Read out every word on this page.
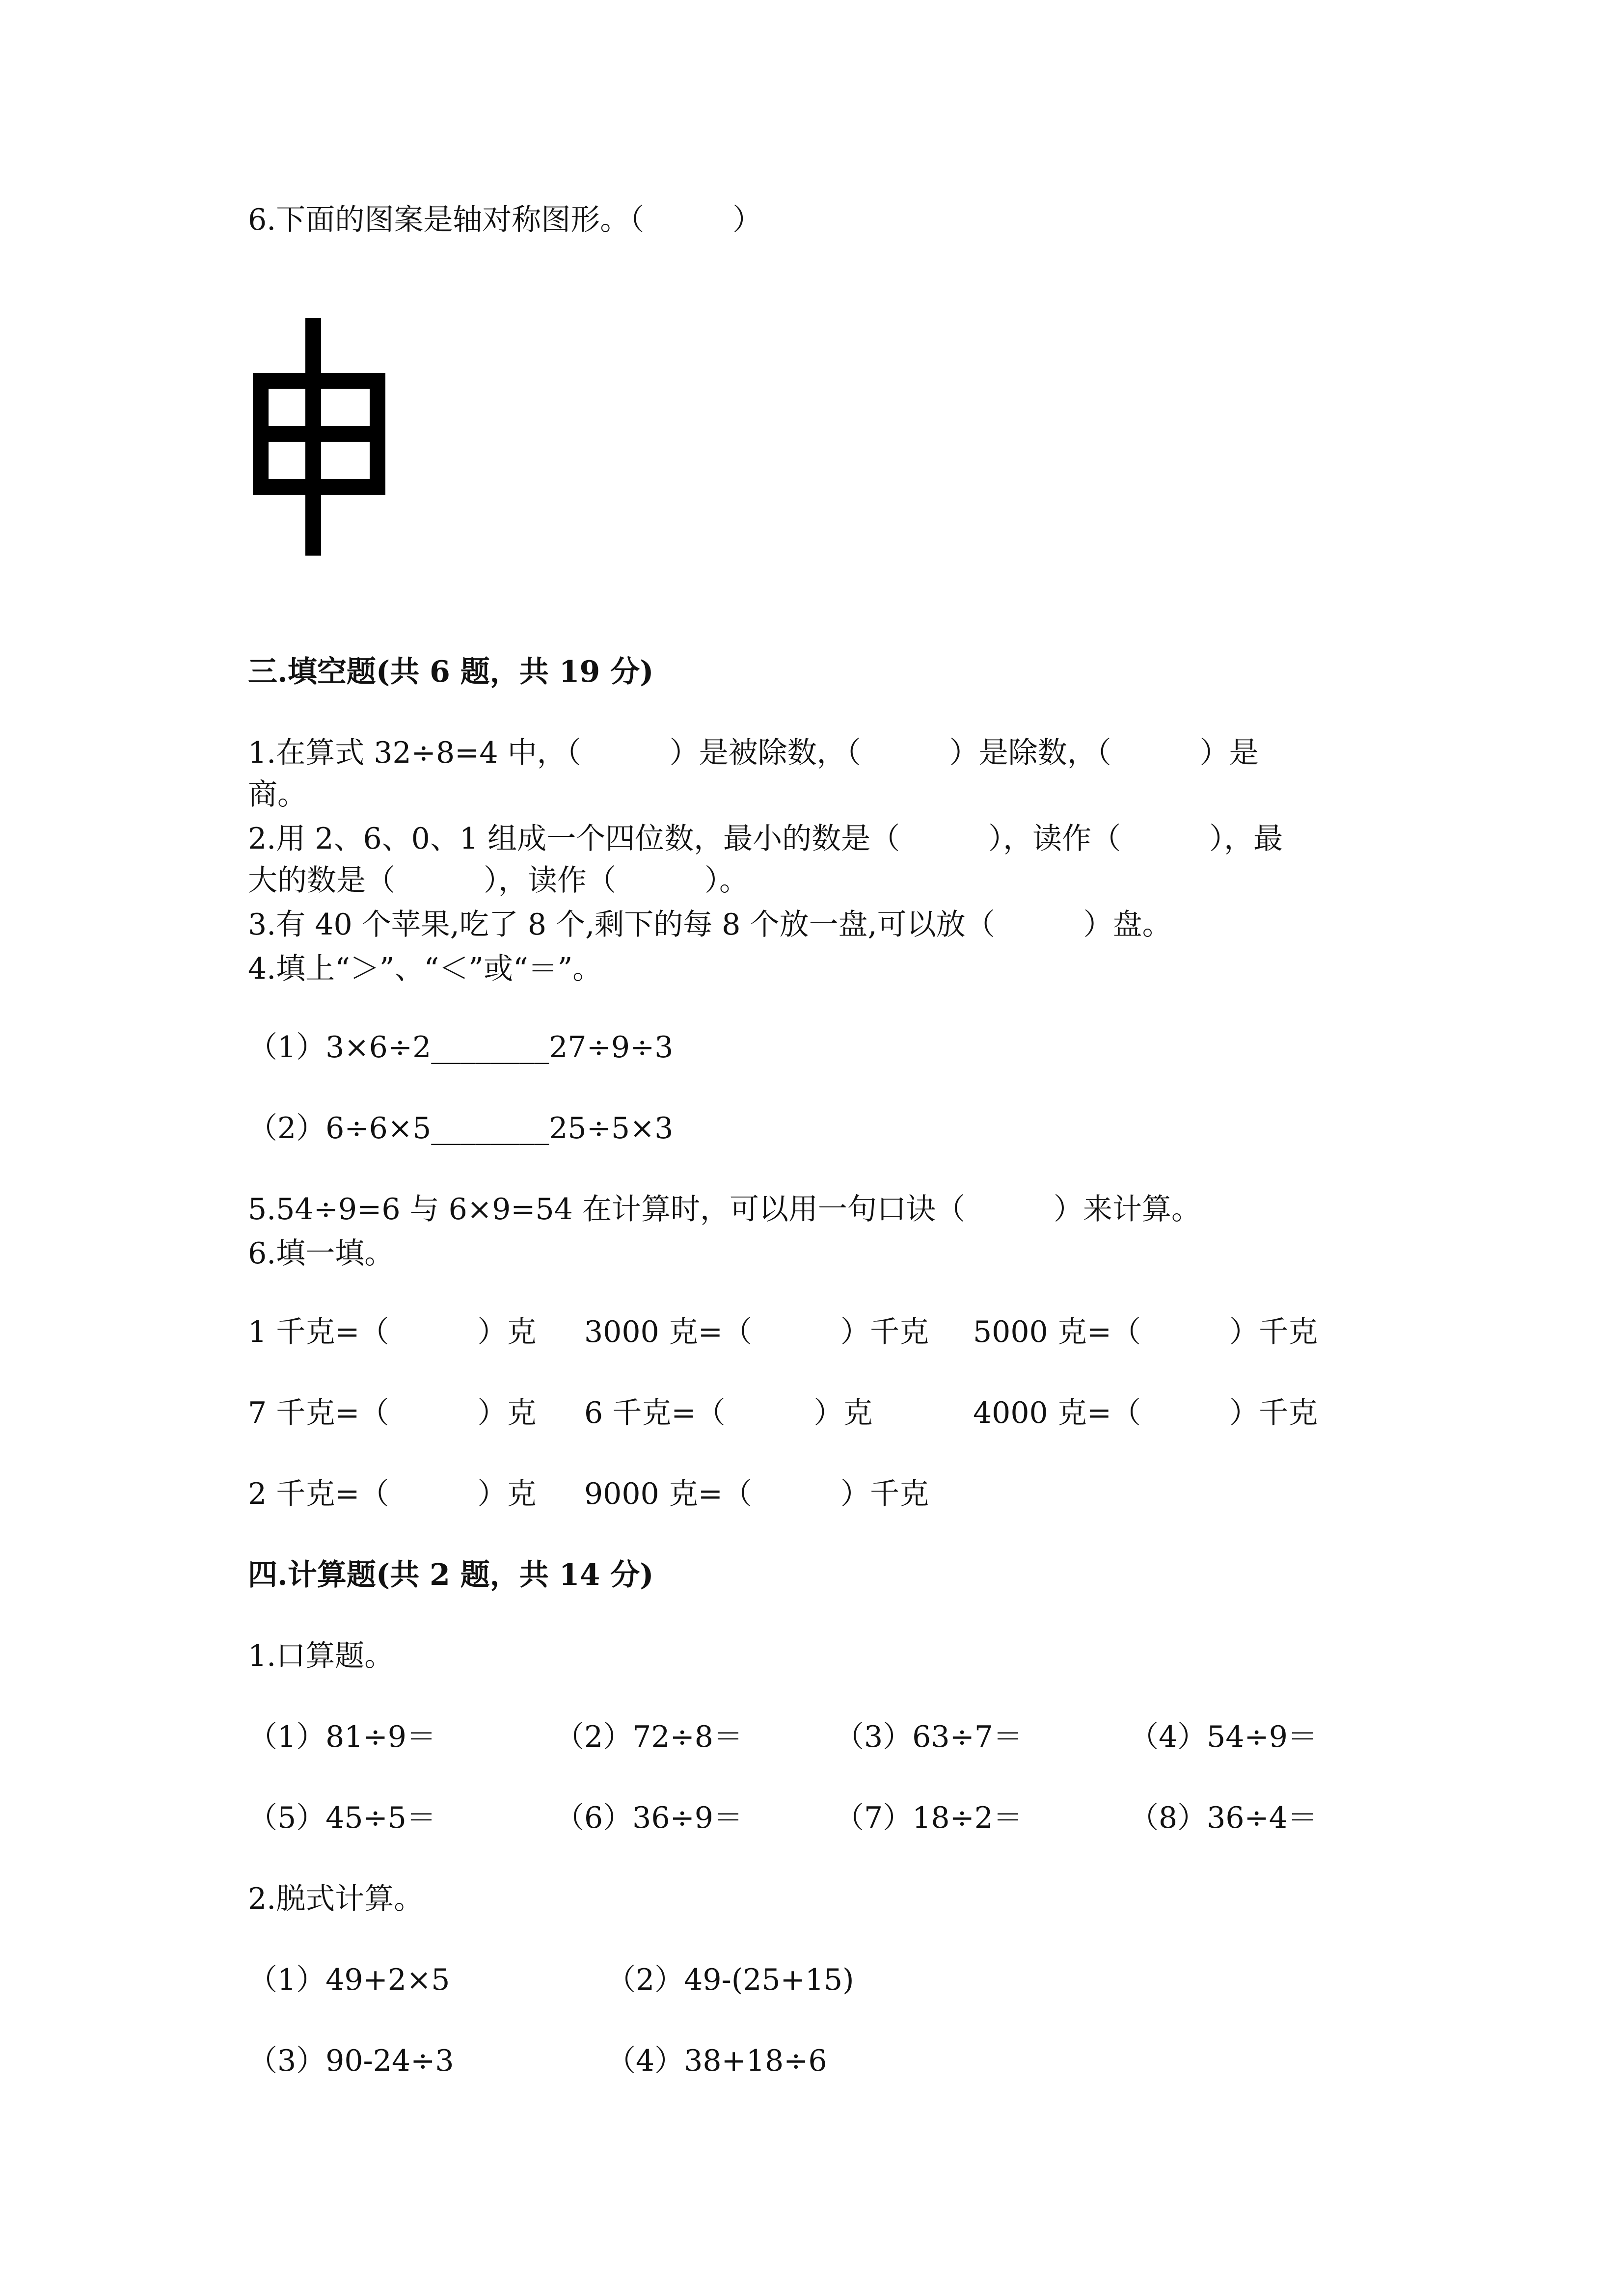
6.下面的图案是轴对称图形。（　　　）

三.填空题(共 6 题，共 19 分)

1.在算式 32÷8=4 中，（　　　）是被除数，（　　　）是除数，（　　　）是

商。

2.用 2、6、0、1 组成一个四位数，最小的数是（　　　），读作（　　　），最

大的数是（　　　），读作（　　　）。

3.有 40 个苹果,吃了 8 个,剩下的每 8 个放一盘,可以放（　　　）盘。

4.填上“＞”、“＜”或“＝”。

（1）3×6÷2________27÷9÷3

（2）6÷6×5________25÷5×3

5.54÷9=6 与 6×9=54 在计算时，可以用一句口诀（　　　）来计算。

6.填一填。

1 千克=（　　　）克 3000 克=（　　　）千克 5000 克=（　　　）千克
7 千克=（　　　）克 6 千克=（　　　）克	4000 克=（　　　）千克
2 千克=（　　　）克 9000 克=（　　　）千克

四.计算题(共 2 题，共 14 分)

1.口算题。

（1）81÷9＝	（2）72÷8＝	（3）63÷7＝	（4）54÷9＝
（5）45÷5＝	（6）36÷9＝	（7）18÷2＝	（8）36÷4＝

2.脱式计算。

（1）49+2×5	（2）49-(25+15)
（3）90-24÷3	（4）38+18÷6
